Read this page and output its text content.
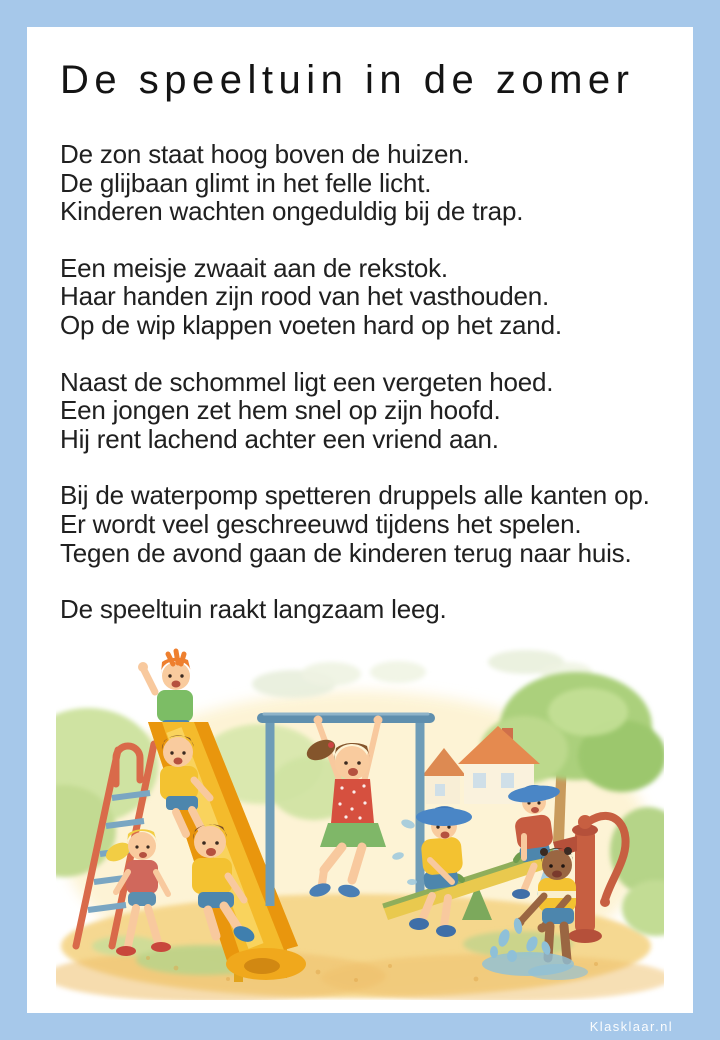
De speeltuin in de zomer
De zon staat hoog boven de huizen.
De glijbaan glimt in het felle licht.
Kinderen wachten ongeduldig bij de trap.
Een meisje zwaait aan de rekstok.
Haar handen zijn rood van het vasthouden.
Op de wip klappen voeten hard op het zand.
Naast de schommel ligt een vergeten hoed.
Een jongen zet hem snel op zijn hoofd.
Hij rent lachend achter een vriend aan.
Bij de waterpomp spetteren druppels alle kanten op.
Er wordt veel geschreeuwd tijdens het spelen.
Tegen de avond gaan de kinderen terug naar huis.
De speeltuin raakt langzaam leeg.
Klasklaar.nl
